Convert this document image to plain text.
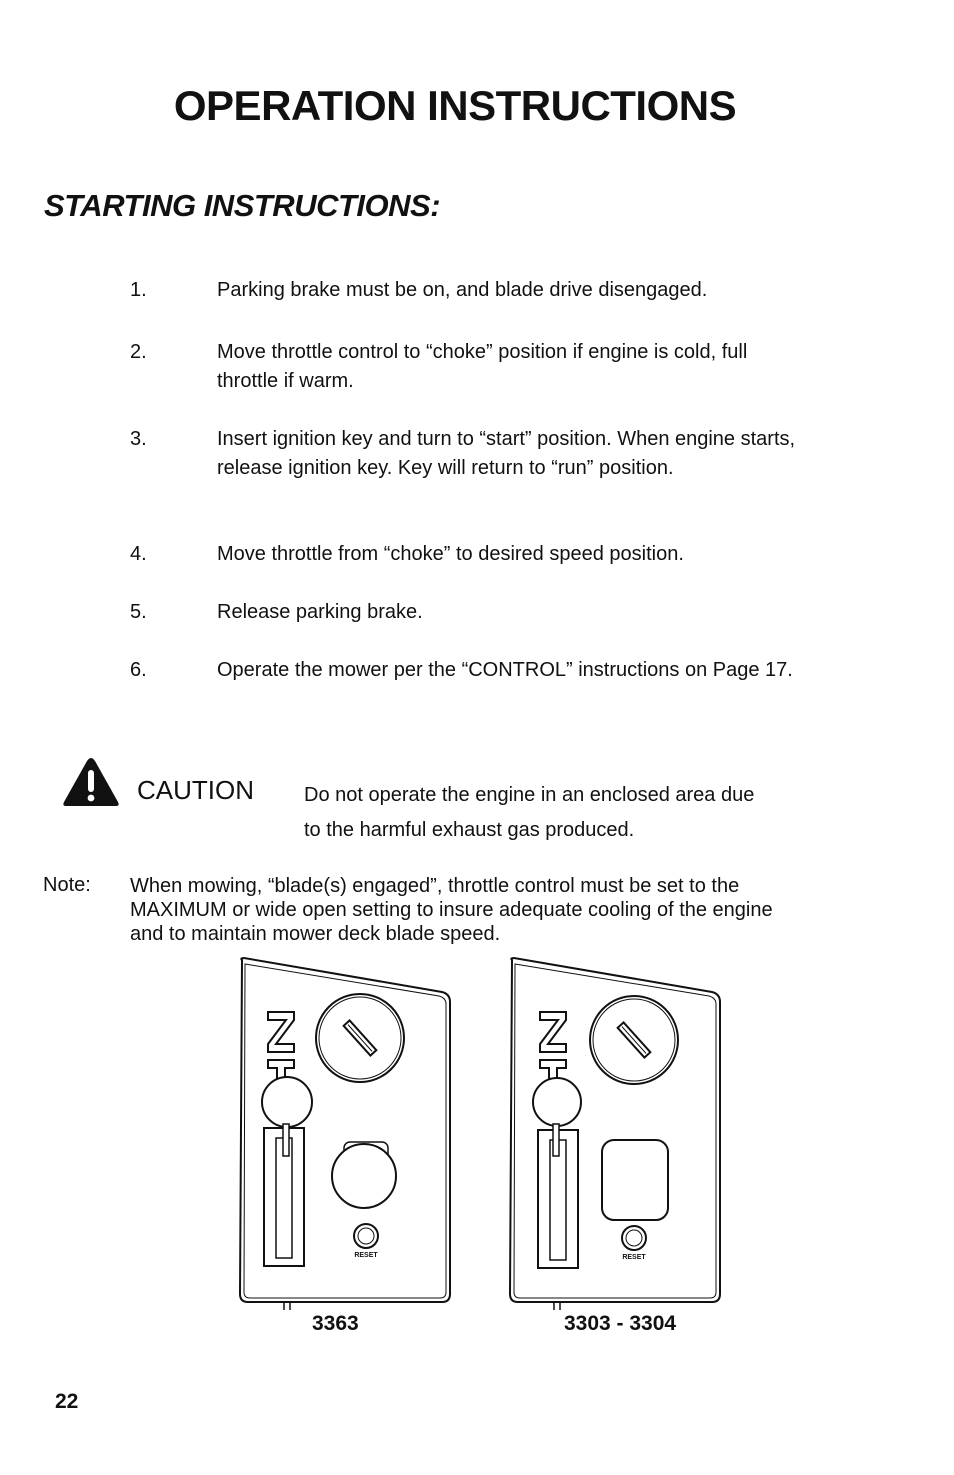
OPERATION INSTRUCTIONS
STARTING INSTRUCTIONS:
1.	Parking brake must be on, and blade drive disengaged.
2.	Move throttle control to “choke” position if engine is cold, full throttle if warm.
3.	Insert ignition key and turn to “start” position. When engine starts, release ignition key. Key will return to “run” position.
4.	Move throttle from “choke” to desired speed position.
5.	Release parking brake.
6.	Operate the mower per the “CONTROL” instructions on Page 17.
CAUTION	Do not operate the engine in an enclosed area due to the harmful exhaust gas produced.
Note: When mowing, “blade(s) engaged”, throttle control must be set to the MAXIMUM or wide open setting to insure adequate cooling of the engine and to maintain mower deck blade speed.
RESET
3363
RESET
3303 - 3304
22
